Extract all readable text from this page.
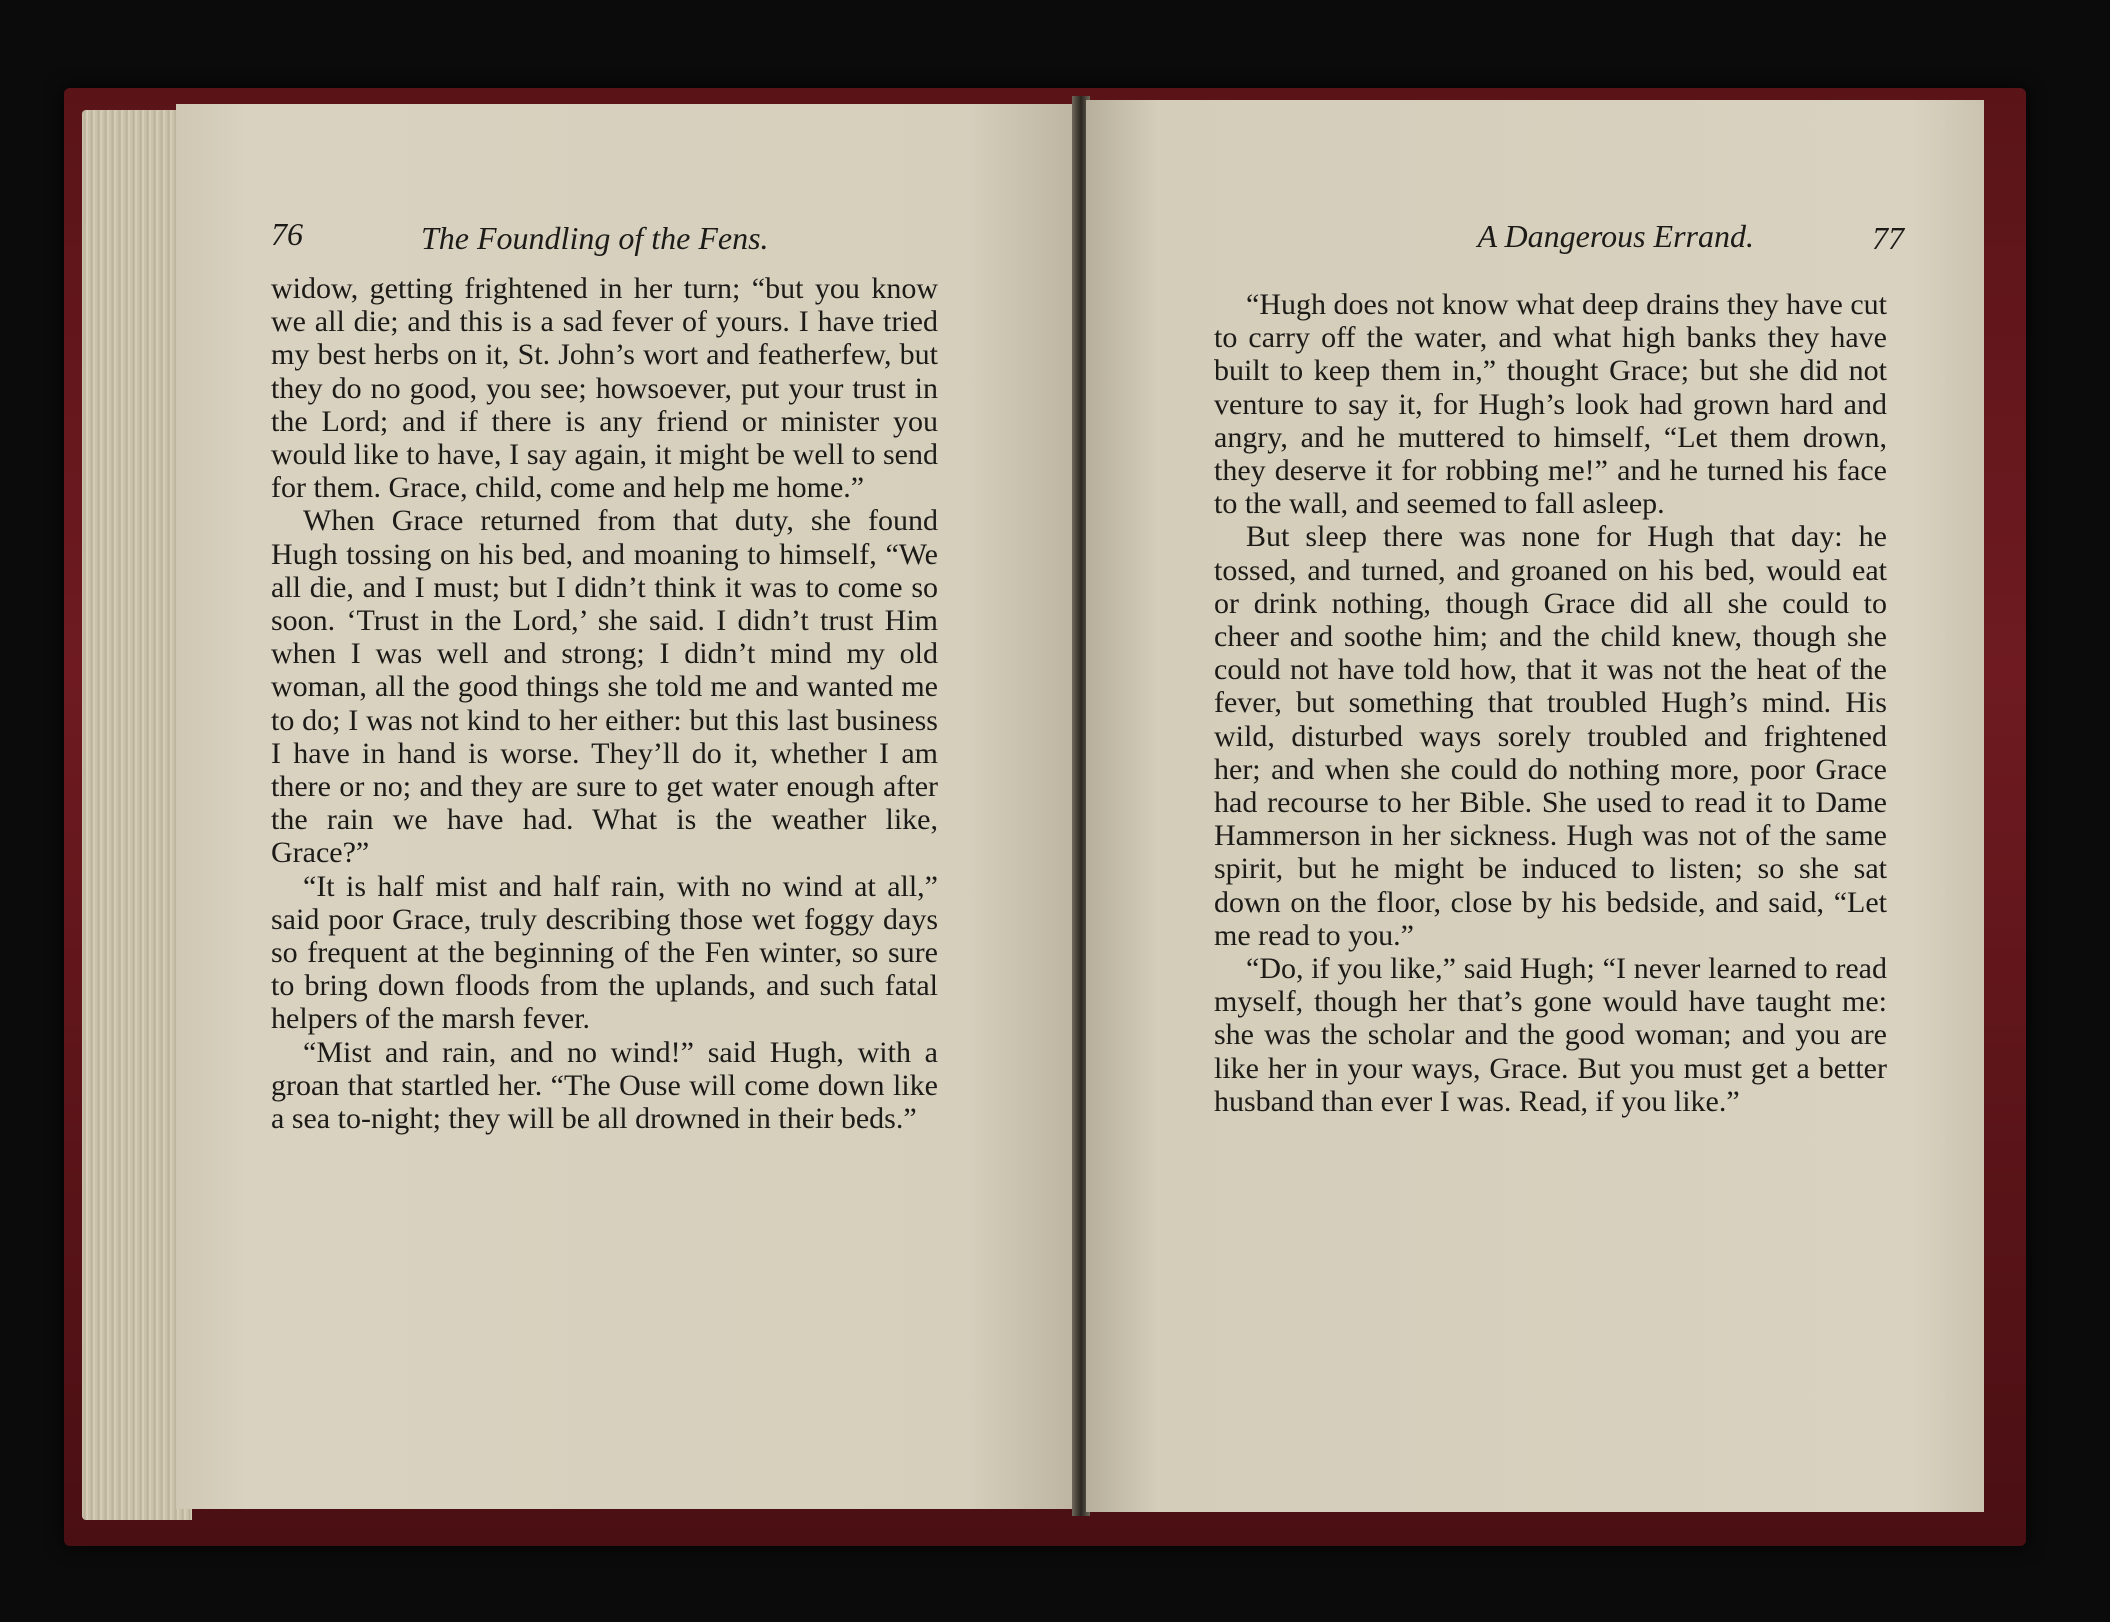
76	The Foundling of the Fens.

widow, getting frightened in her turn; “but you know we all die; and this is a sad fever of yours. I have tried my best herbs on it, St. John’s wort and featherfew, but they do no good, you see; howsoever, put your trust in the Lord; and if there is any friend or minister you would like to have, I say again, it might be well to send for them. Grace, child, come and help me home.”

When Grace returned from that duty, she found Hugh tossing on his bed, and moaning to himself, “We all die, and I must; but I didn’t think it was to come so soon. ‘Trust in the Lord,’ she said. I didn’t trust Him when I was well and strong; I didn’t mind my old woman, all the good things she told me and wanted me to do; I was not kind to her either: but this last business I have in hand is worse. They’ll do it, whether I am there or no; and they are sure to get water enough after the rain we have had. What is the weather like, Grace?”

“It is half mist and half rain, with no wind at all,” said poor Grace, truly describing those wet foggy days so frequent at the beginning of the Fen winter, so sure to bring down floods from the uplands, and such fatal helpers of the marsh fever.

“Mist and rain, and no wind!” said Hugh, with a groan that startled her. “The Ouse will come down like a sea to-night; they will be all drowned in their beds.”

A Dangerous Errand.	77

“Hugh does not know what deep drains they have cut to carry off the water, and what high banks they have built to keep them in,” thought Grace; but she did not venture to say it, for Hugh’s look had grown hard and angry, and he muttered to himself, “Let them drown, they deserve it for robbing me!” and he turned his face to the wall, and seemed to fall asleep.

But sleep there was none for Hugh that day: he tossed, and turned, and groaned on his bed, would eat or drink nothing, though Grace did all she could to cheer and soothe him; and the child knew, though she could not have told how, that it was not the heat of the fever, but something that troubled Hugh’s mind. His wild, disturbed ways sorely troubled and frightened her; and when she could do nothing more, poor Grace had recourse to her Bible. She used to read it to Dame Hammerson in her sickness. Hugh was not of the same spirit, but he might be induced to listen; so she sat down on the floor, close by his bedside, and said, “Let me read to you.”

“Do, if you like,” said Hugh; “I never learned to read myself, though her that’s gone would have taught me: she was the scholar and the good woman; and you are like her in your ways, Grace. But you must get a better husband than ever I was. Read, if you like.”
